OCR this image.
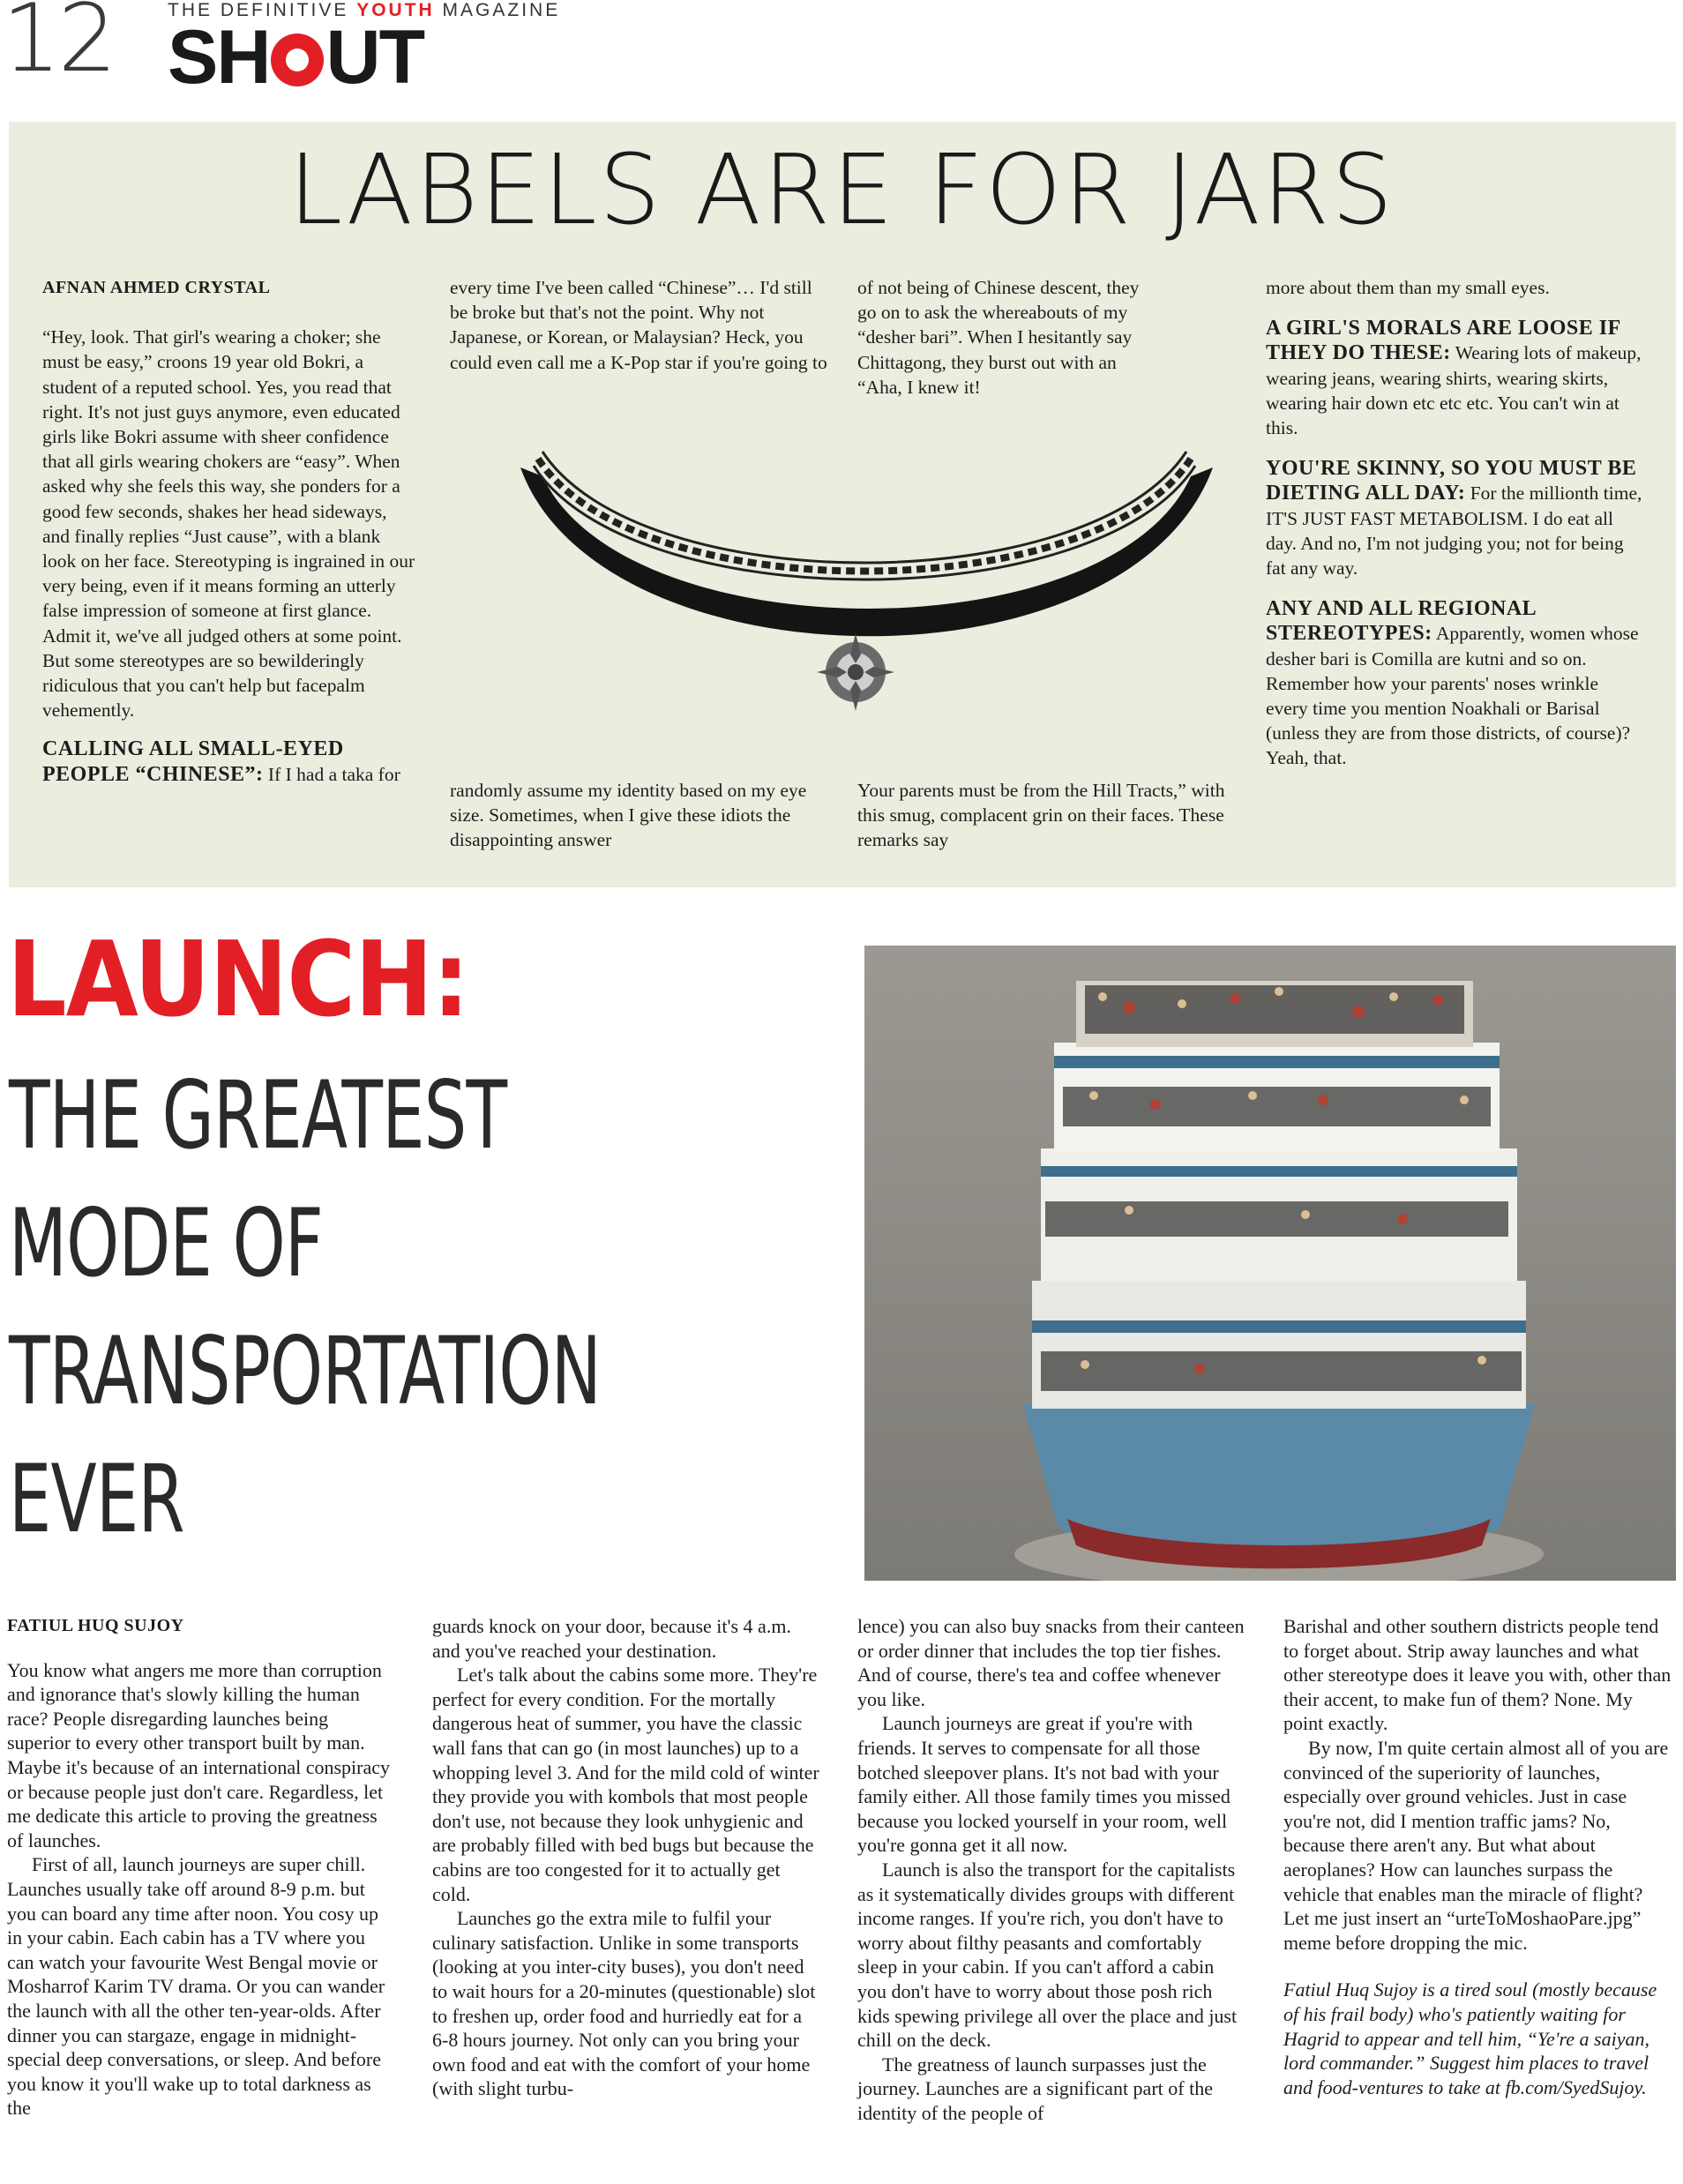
12	THE DEFINITIVE YOUTH MAGAZINE
SH UT
LABELS ARE FOR JARS

AFNAN AHMED CRYSTAL

“Hey, look. That girl's wearing a choker; she must be easy,” croons 19 year old Bokri, a student of a reputed school. Yes, you read that right. It's not just guys anymore, even educated girls like Bokri assume with sheer confidence that all girls wearing chokers are “easy”. When asked why she feels this way, she ponders for a good few seconds, shakes her head sideways, and finally replies “Just cause”, with a blank look on her face. Stereotyping is ingrained in our very being, even if it means forming an utterly false impression of someone at first glance. Admit it, we've all judged others at some point. But some stereotypes are so bewilderingly ridiculous that you can't help but facepalm vehemently.

CALLING ALL SMALL-EYED PEOPLE “CHINESE”: If I had a taka for

every time I've been called “Chinese”… I'd still be broke but that's not the point. Why not Japanese, or Korean, or Malaysian? Heck, you could even call me a K-Pop star if you're going to

randomly assume my identity based on my eye size. Sometimes, when I give these idiots the disappointing answer

of not being of Chinese descent, they go on to ask the whereabouts of my “desher bari”. When I hesitantly say Chittagong, they burst out with an “Aha, I knew it!

Your parents must be from the Hill Tracts,” with this smug, complacent grin on their faces. These remarks say

more about them than my small eyes.

A GIRL'S MORALS ARE LOOSE IF THEY DO THESE: Wearing lots of makeup, wearing jeans, wearing shirts, wearing skirts, wearing hair down etc etc etc. You can't win at this.

YOU'RE SKINNY, SO YOU MUST BE DIETING ALL DAY: For the millionth time, IT'S JUST FAST METABOLISM. I do eat all day. And no, I'm not judging you; not for being fat any way.

ANY AND ALL REGIONAL STEREOTYPES: Apparently, women whose desher bari is Comilla are kutni and so on. Remember how your parents' noses wrinkle every time you mention Noakhali or Barisal (unless they are from those districts, of course)? Yeah, that.

LAUNCH:
THE GREATEST
MODE OF
TRANSPORTATION
EVER

FATIUL HUQ SUJOY

You know what angers me more than corruption and ignorance that's slowly killing the human race? People disregarding launches being superior to every other transport built by man. Maybe it's because of an international conspiracy or because people just don't care. Regardless, let me dedicate this article to proving the greatness of launches.

First of all, launch journeys are super chill. Launches usually take off around 8-9 p.m. but you can board any time after noon. You cosy up in your cabin. Each cabin has a TV where you can watch your favourite West Bengal movie or Mosharrof Karim TV drama. Or you can wander the launch with all the other ten-year-olds. After dinner you can stargaze, engage in midnight-special deep conversations, or sleep. And before you know it you'll wake up to total darkness as the

guards knock on your door, because it's 4 a.m. and you've reached your destination.

Let's talk about the cabins some more. They're perfect for every condition. For the mortally dangerous heat of summer, you have the classic wall fans that can go (in most launches) up to a whopping level 3. And for the mild cold of winter they provide you with kombols that most people don't use, not because they look unhygienic and are probably filled with bed bugs but because the cabins are too congested for it to actually get cold.

Launches go the extra mile to fulfil your culinary satisfaction. Unlike in some transports (looking at you inter-city buses), you don't need to wait hours for a 20-minutes (questionable) slot to freshen up, order food and hurriedly eat for a 6-8 hours journey. Not only can you bring your own food and eat with the comfort of your home (with slight turbu-

lence) you can also buy snacks from their canteen or order dinner that includes the top tier fishes. And of course, there's tea and coffee whenever you like.

Launch journeys are great if you're with friends. It serves to compensate for all those botched sleepover plans. It's not bad with your family either. All those family times you missed because you locked yourself in your room, well you're gonna get it all now.

Launch is also the transport for the capitalists as it systematically divides groups with different income ranges. If you're rich, you don't have to worry about filthy peasants and comfortably sleep in your cabin. If you can't afford a cabin you don't have to worry about those posh rich kids spewing privilege all over the place and just chill on the deck.

The greatness of launch surpasses just the journey. Launches are a significant part of the identity of the people of

Barishal and other southern districts people tend to forget about. Strip away launches and what other stereotype does it leave you with, other than their accent, to make fun of them? None. My point exactly.

By now, I'm quite certain almost all of you are convinced of the superiority of launches, especially over ground vehicles. Just in case you're not, did I mention traffic jams? No, because there aren't any. But what about aeroplanes? How can launches surpass the vehicle that enables man the miracle of flight? Let me just insert an “urteToMoshaoPare.jpg” meme before dropping the mic.

Fatiul Huq Sujoy is a tired soul (mostly because of his frail body) who's patiently waiting for Hagrid to appear and tell him, “Ye're a saiyan, lord commander.” Suggest him places to travel and food-ventures to take at fb.com/SyedSujoy.
